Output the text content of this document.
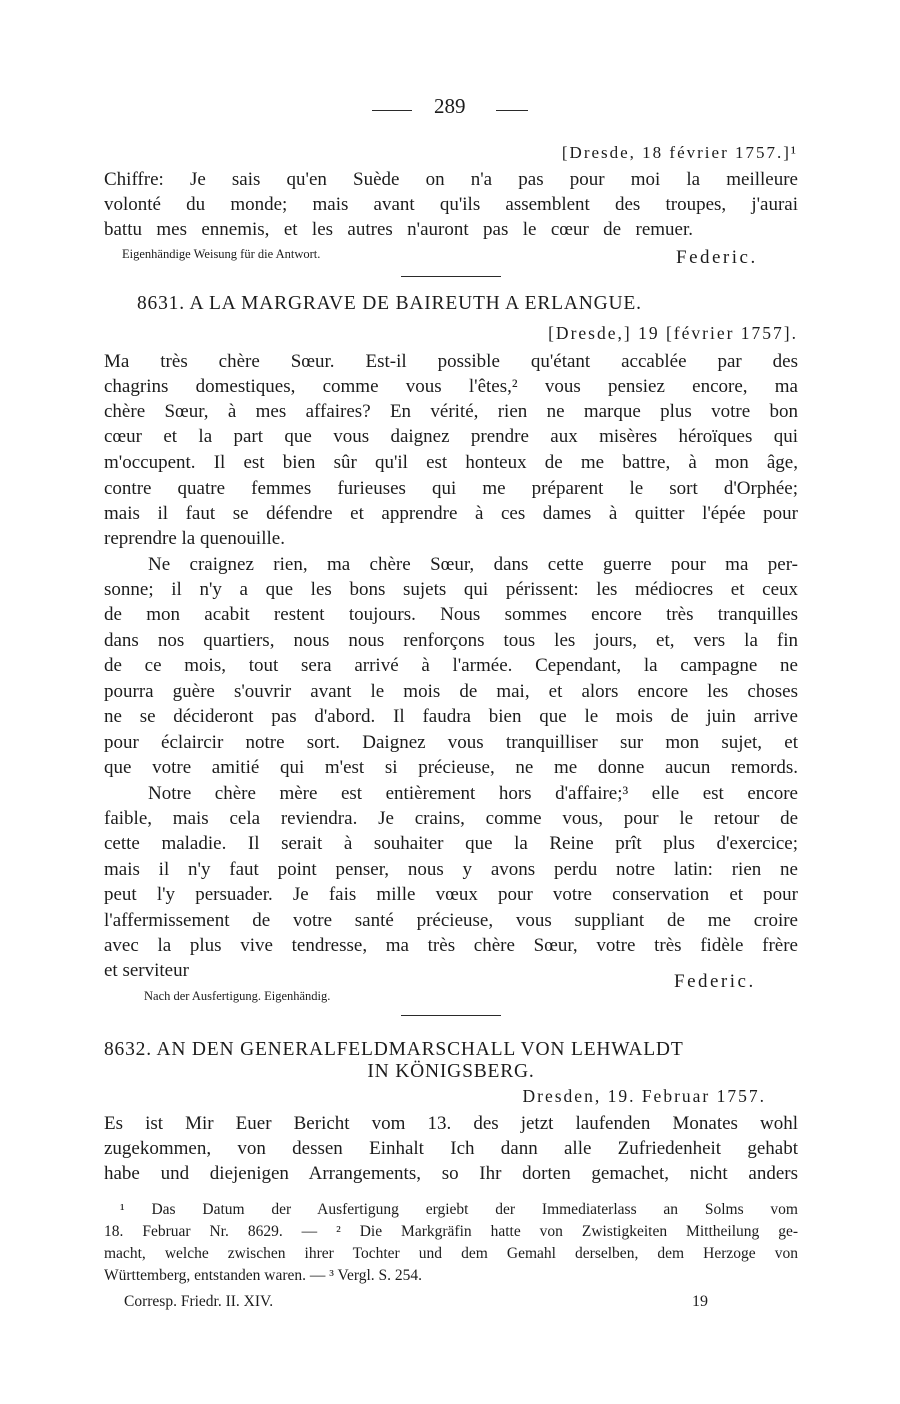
289
[Dresde, 18 février 1757.]¹
Chiffre: Je sais qu'en Suède on n'a pas pour moi la meilleure
volonté du monde; mais avant qu'ils assemblent des troupes, j'aurai
battu mes ennemis, et les autres n'auront pas le cœur de remuer.
Eigenhändige Weisung für die Antwort.	Federic.
8631. A LA MARGRAVE DE BAIREUTH A ERLANGUE.
[Dresde,] 19 [février 1757].
Ma très chère Sœur. Est-il possible qu'étant accablée par des
chagrins domestiques, comme vous l'êtes,² vous pensiez encore, ma
chère Sœur, à mes affaires? En vérité, rien ne marque plus votre bon
cœur et la part que vous daignez prendre aux misères héroïques qui
m'occupent. Il est bien sûr qu'il est honteux de me battre, à mon âge,
contre quatre femmes furieuses qui me préparent le sort d'Orphée;
mais il faut se défendre et apprendre à ces dames à quitter l'épée pour
reprendre la quenouille.
Ne craignez rien, ma chère Sœur, dans cette guerre pour ma per-
sonne; il n'y a que les bons sujets qui périssent: les médiocres et ceux
de mon acabit restent toujours. Nous sommes encore très tranquilles
dans nos quartiers, nous nous renforçons tous les jours, et, vers la fin
de ce mois, tout sera arrivé à l'armée. Cependant, la campagne ne
pourra guère s'ouvrir avant le mois de mai, et alors encore les choses
ne se décideront pas d'abord. Il faudra bien que le mois de juin arrive
pour éclaircir notre sort. Daignez vous tranquilliser sur mon sujet, et
que votre amitié qui m'est si précieuse, ne me donne aucun remords.
Notre chère mère est entièrement hors d'affaire;³ elle est encore
faible, mais cela reviendra. Je crains, comme vous, pour le retour de
cette maladie. Il serait à souhaiter que la Reine prît plus d'exercice;
mais il n'y faut point penser, nous y avons perdu notre latin: rien ne
peut l'y persuader. Je fais mille vœux pour votre conservation et pour
l'affermissement de votre santé précieuse, vous suppliant de me croire
avec la plus vive tendresse, ma très chère Sœur, votre très fidèle frère
et serviteur
Federic.
Nach der Ausfertigung. Eigenhändig.
8632. AN DEN GENERALFELDMARSCHALL VON LEHWALDT
IN KÖNIGSBERG.
Dresden, 19. Februar 1757.
Es ist Mir Euer Bericht vom 13. des jetzt laufenden Monates wohl
zugekommen, von dessen Einhalt Ich dann alle Zufriedenheit gehabt
habe und diejenigen Arrangements, so Ihr dorten gemachet, nicht anders
¹ Das Datum der Ausfertigung ergiebt der Immediaterlass an Solms vom
18. Februar Nr. 8629. — ² Die Markgräfin hatte von Zwistigkeiten Mittheilung ge-
macht, welche zwischen ihrer Tochter und dem Gemahl derselben, dem Herzoge von
Württemberg, entstanden waren. — ³ Vergl. S. 254.
Corresp. Friedr. II. XIV.	19
